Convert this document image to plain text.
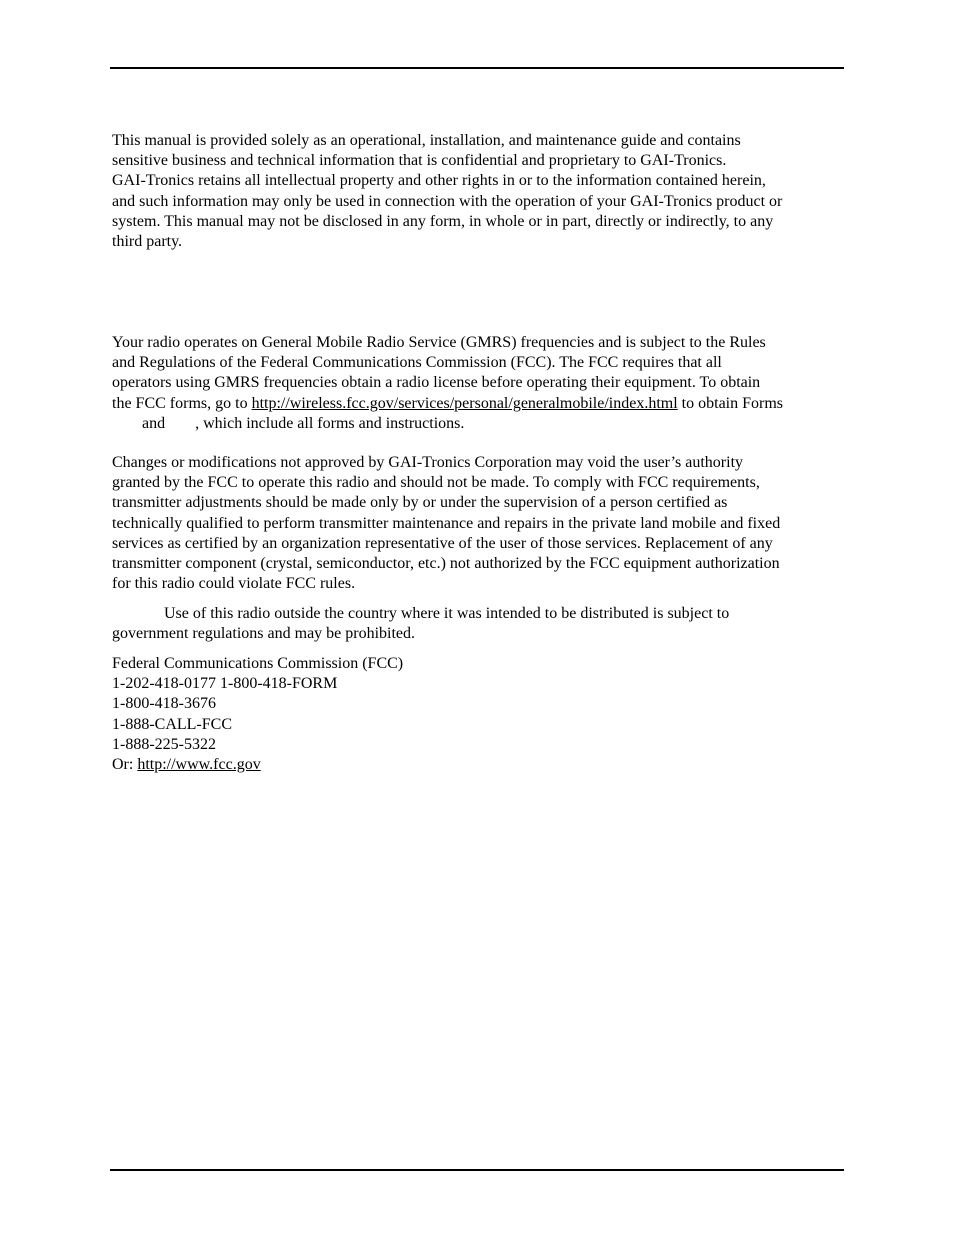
This manual is provided solely as an operational, installation, and maintenance guide and contains
sensitive business and technical information that is confidential and proprietary to GAI-Tronics.
GAI-Tronics retains all intellectual property and other rights in or to the information contained herein,
and such information may only be used in connection with the operation of your GAI-Tronics product or
system. This manual may not be disclosed in any form, in whole or in part, directly or indirectly, to any
third party.
Your radio operates on General Mobile Radio Service (GMRS) frequencies and is subject to the Rules
and Regulations of the Federal Communications Commission (FCC). The FCC requires that all
operators using GMRS frequencies obtain a radio license before operating their equipment. To obtain
the FCC forms, go to http://wireless.fcc.gov/services/personal/generalmobile/index.html to obtain Forms
and , which include all forms and instructions.
Changes or modifications not approved by GAI-Tronics Corporation may void the user’s authority
granted by the FCC to operate this radio and should not be made. To comply with FCC requirements,
transmitter adjustments should be made only by or under the supervision of a person certified as
technically qualified to perform transmitter maintenance and repairs in the private land mobile and fixed
services as certified by an organization representative of the user of those services. Replacement of any
transmitter component (crystal, semiconductor, etc.) not authorized by the FCC equipment authorization
for this radio could violate FCC rules.
Use of this radio outside the country where it was intended to be distributed is subject to
government regulations and may be prohibited.
Federal Communications Commission (FCC)
1-202-418-0177 1-800-418-FORM
1-800-418-3676
1-888-CALL-FCC
1-888-225-5322
Or: http://www.fcc.gov
